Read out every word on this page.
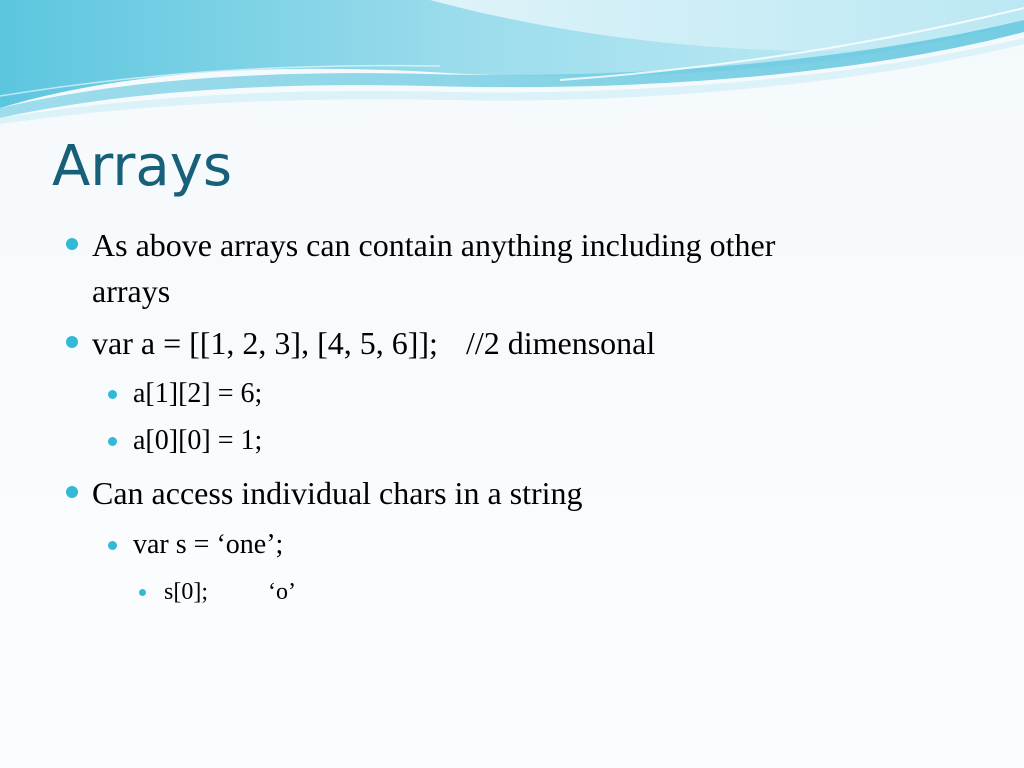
Arrays
As above arrays can contain anything including other
arrays
var a = [[1, 2, 3], [4, 5, 6]]; //2 dimensonal
a[1][2] = 6;
a[0][0] = 1;
Can access individual chars in a string
var s = ‘one’;
s[0];	‘o’
